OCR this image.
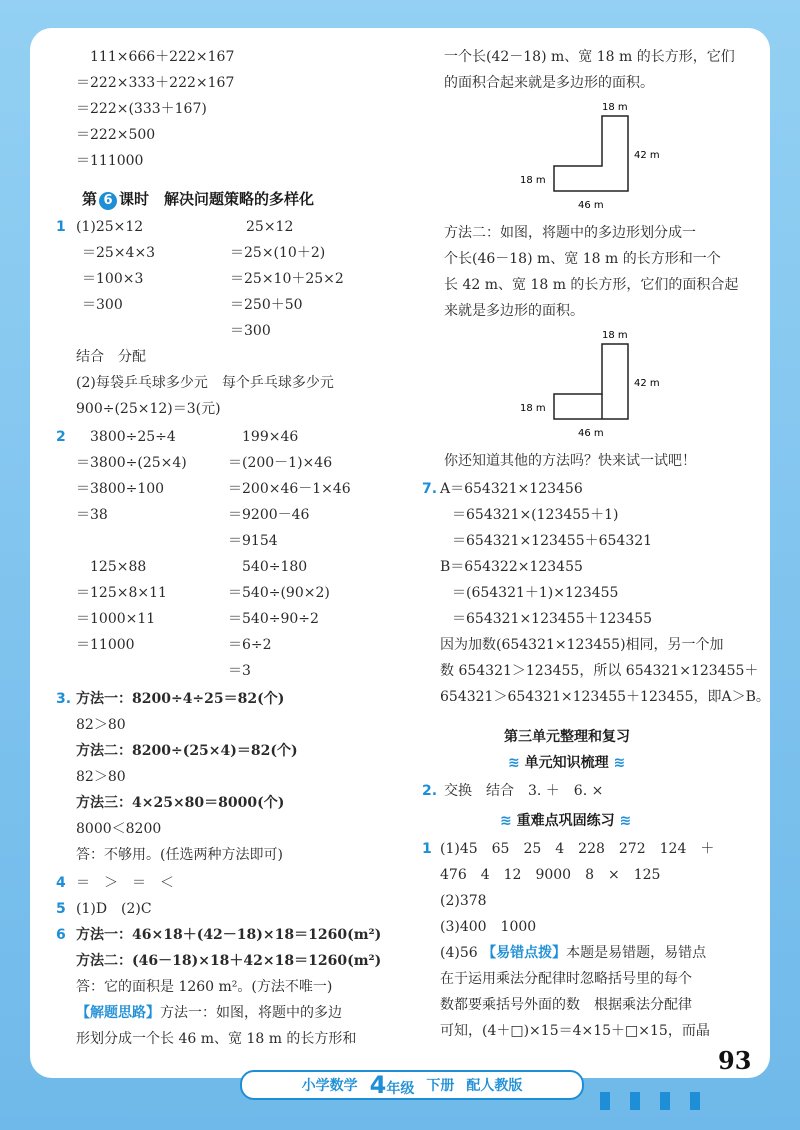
111×666＋222×167
＝222×333＋222×167
＝222×(333＋167)
＝222×500
＝111000
第 6 课时　解决问题策略的多样化
1 (1)25×12
＝25×4×3
＝100×3
＝300
25×12
＝25×(10＋2)
＝25×10＋25×2
＝250＋50
＝300
结合　分配
(2)每袋乒乓球多少元　每个乒乓球多少元
900÷(25×12)＝3(元)
2 3800÷25÷4
＝3800÷(25×4)
＝3800÷100
＝38
199×46
＝(200－1)×46
＝200×46－1×46
＝9200－46
＝9154
125×88
＝125×8×11
＝1000×11
＝11000
540÷180
＝540÷(90×2)
＝540÷90÷2
＝6÷2
＝3
3. 方法一：8200÷4÷25＝82(个)
82＞80
方法二：8200÷(25×4)＝82(个)
82＞80
方法三：4×25×80＝8000(个)
8000＜8200
答：不够用。(任选两种方法即可)
4 ＝　＞　＝　＜
5 (1)D　(2)C
6 方法一：46×18＋(42－18)×18＝1260(m²)
方法二：(46－18)×18＋42×18＝1260(m²)
答：它的面积是 1260 m²。(方法不唯一)
【解题思路】方法一：如图，将题中的多边
形划分成一个长 46 m、宽 18 m 的长方形和
一个长(42－18) m、宽 18 m 的长方形，它们
的面积合起来就是多边形的面积。
18 m
42 m
18 m
46 m
方法二：如图，将题中的多边形划分成一
个长(46－18) m、宽 18 m 的长方形和一个
长 42 m、宽 18 m 的长方形，它们的面积合起
来就是多边形的面积。
18 m
42 m
18 m
46 m
你还知道其他的方法吗？快来试一试吧！
7. A＝654321×123456
＝654321×(123455＋1)
＝654321×123455＋654321
B＝654322×123455
＝(654321＋1)×123455
＝654321×123455＋123455
因为加数(654321×123455)相同，另一个加
数 654321＞123455，所以 654321×123455＋
654321＞654321×123455＋123455，即A＞B。
第三单元整理和复习
≋ 单元知识梳理 ≋
2. 交换　结合　3. ＋　6. ×
≋ 重难点巩固练习 ≋
1 (1)45　65　25　4　228　272　124　＋
476　4　12　9000　8　×　125
(2)378
(3)400　1000
(4)56 【易错点拨】本题是易错题，易错点
在于运用乘法分配律时忽略括号里的每个
数都要乘括号外面的数　根据乘法分配律
可知，(4＋□)×15＝4×15＋□×15，而晶
93
小学数学 4年级 下册 配人教版
